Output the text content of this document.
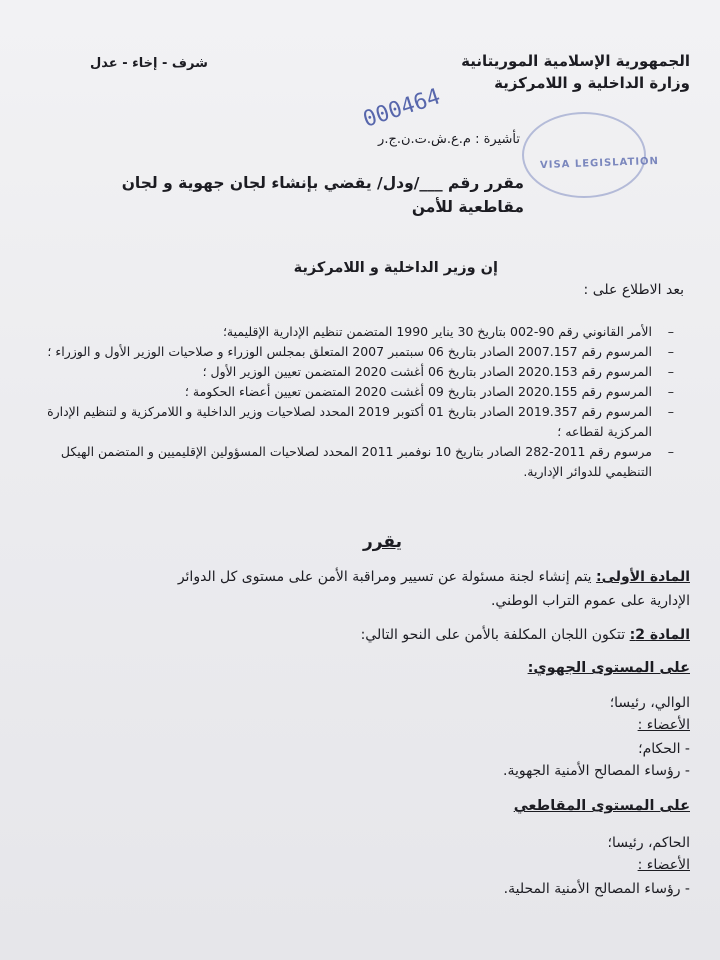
الجمهورية الإسلامية الموريتانية
وزارة الداخلية و اللامركزية
شرف - إخاء - عدل
000464
VISA LEGISLATION
تأشيرة : م.ع.ش.ت.ن.ج.ر
مقرر رقم ___/ودل/ يقضي بإنشاء لجان جهوية و لجان
مقاطعية للأمن
إن وزير الداخلية و اللامركزية
بعد الاطلاع على :
–
الأمر القانوني رقم 90-002 بتاريخ 30 يناير 1990 المتضمن تنظيم الإدارية الإقليمية؛
–
المرسوم رقم 2007.157 الصادر بتاريخ 06 سبتمبر 2007 المتعلق بمجلس الوزراء و صلاحيات الوزير الأول و الوزراء ؛
–
المرسوم رقم 2020.153 الصادر بتاريخ 06 أغشت 2020 المتضمن تعيين الوزير الأول ؛
–
المرسوم رقم 2020.155 الصادر بتاريخ 09 أغشت 2020 المتضمن تعيين أعضاء الحكومة ؛
–
المرسوم رقم 2019.357 الصادر بتاريخ 01 أكتوبر 2019 المحدد لصلاحيات وزير الداخلية و اللامركزية و لتنظيم الإدارة المركزية لقطاعه ؛
–
مرسوم رقم 2011-282 الصادر بتاريخ 10 نوفمبر 2011 المحدد لصلاحيات المسؤولين الإقليميين و المتضمن الهيكل التنظيمي للدوائر الإدارية.
يقرر
المادة الأولى: يتم إنشاء لجنة مسئولة عن تسيير ومراقبة الأمن على مستوى كل الدوائر
الإدارية على عموم التراب الوطني.
المادة 2: تتكون اللجان المكلفة بالأمن على النحو التالي:
على المستوى الجهوي:
الوالي، رئيسا؛
الأعضاء :
- الحكام؛
- رؤساء المصالح الأمنية الجهوية.
على المستوى المقاطعي
الحاكم، رئيسا؛
الأعضاء :
- رؤساء المصالح الأمنية المحلية.
